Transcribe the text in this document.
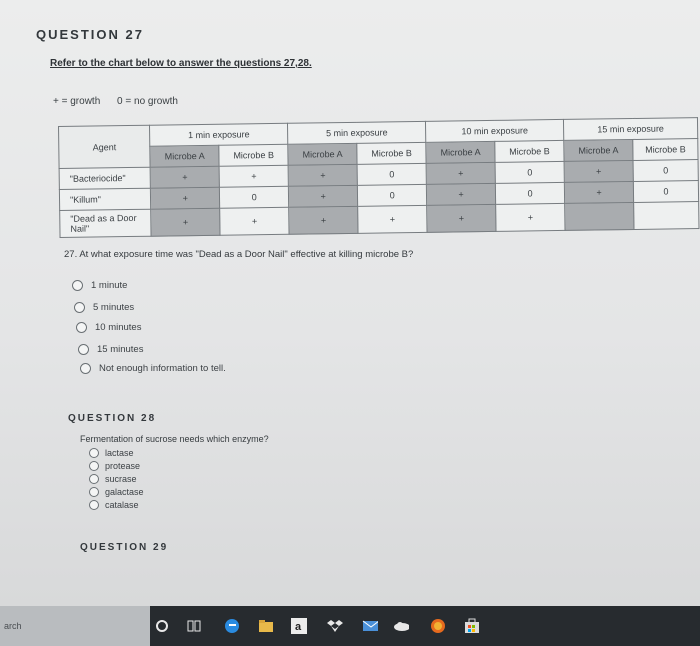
QUESTION 27
Refer to the chart below to answer the questions 27,28.
+ = growth 0 = no growth
Agent	1 min exposure		5 min exposure		10 min exposure		15 min exposure	
	Microbe A	Microbe B	Microbe A	Microbe B	Microbe A	Microbe B	Microbe A	Microbe B
"Bacteriocide"	+	+	+	0	+	0	+	0
"Killum"	+	0	+	0	+	0	+	0
"Dead as a Door Nail"	+	+	+	+	+	+		
27. At what exposure time was "Dead as a Door Nail" effective at killing microbe B?
1 minute
5 minutes
10 minutes
15 minutes
Not enough information to tell.
QUESTION 28
Fermentation of sucrose needs which enzyme?
lactase
protease
sucrase
galactase
catalase
QUESTION 29
arch	a
